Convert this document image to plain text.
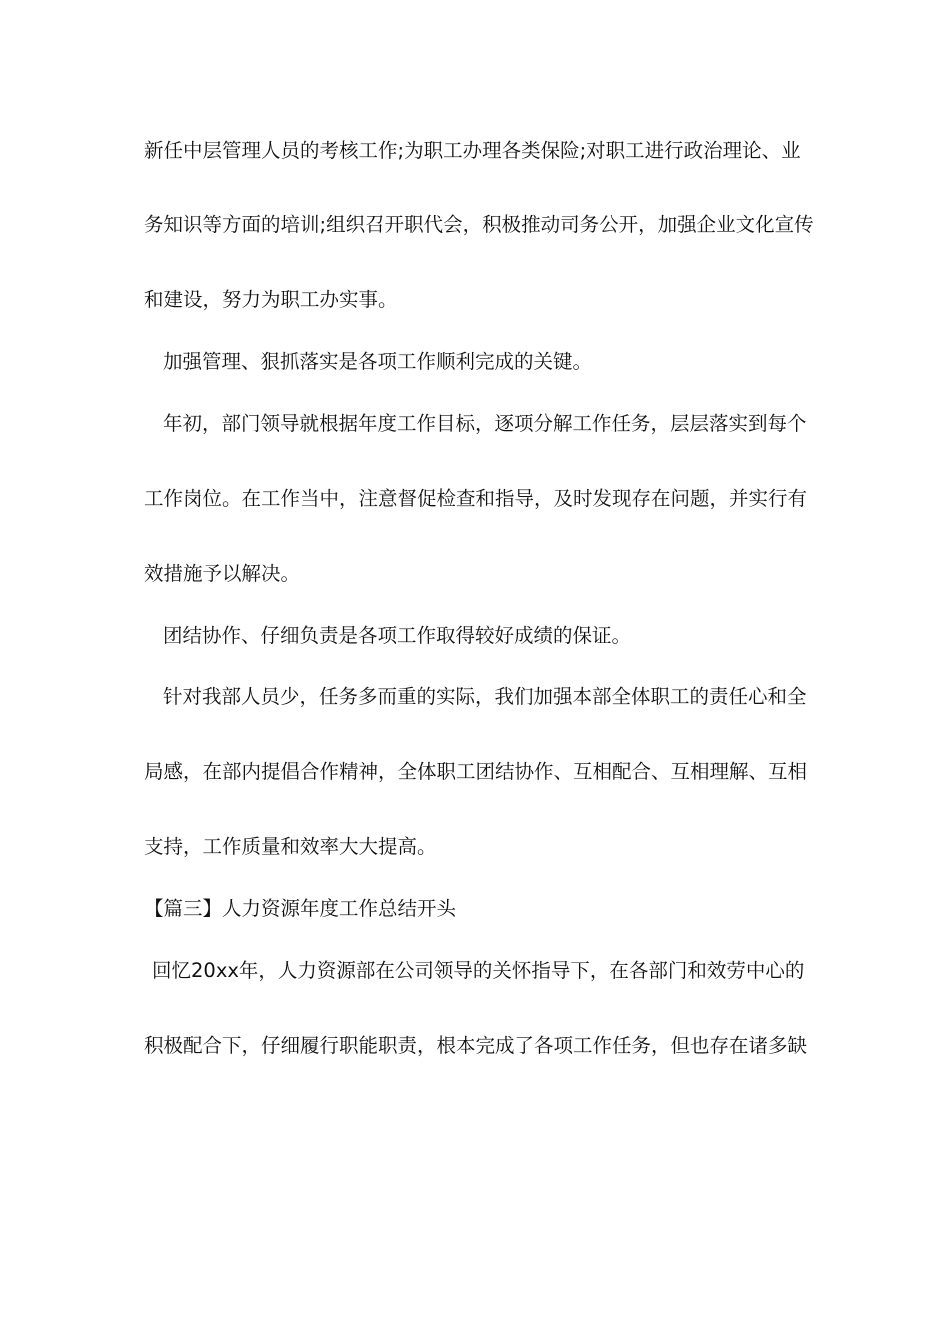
新任中层管理人员的考核工作;为职工办理各类保险;对职工进行政治理论、业
务知识等方面的培训;组织召开职代会，积极推动司务公开，加强企业文化宣传
和建设，努力为职工办实事。
加强管理、狠抓落实是各项工作顺利完成的关键。
年初，部门领导就根据年度工作目标，逐项分解工作任务，层层落实到每个
工作岗位。在工作当中，注意督促检查和指导，及时发现存在问题，并实行有
效措施予以解决。
团结协作、仔细负责是各项工作取得较好成绩的保证。
针对我部人员少，任务多而重的实际，我们加强本部全体职工的责任心和全
局感，在部内提倡合作精神，全体职工团结协作、互相配合、互相理解、互相
支持，工作质量和效率大大提高。
【篇三】人力资源年度工作总结开头
回忆20xx年，人力资源部在公司领导的关怀指导下，在各部门和效劳中心的
积极配合下，仔细履行职能职责，根本完成了各项工作任务，但也存在诸多缺
